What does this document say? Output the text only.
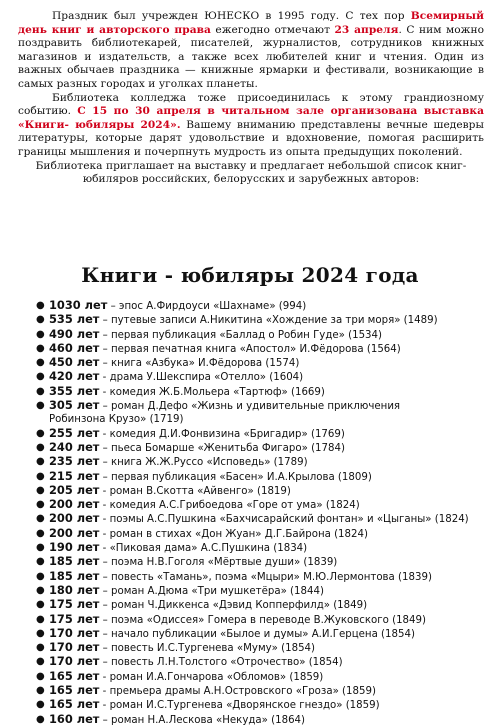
Праздник был учрежден ЮНЕСКО в 1995 году. С тех пор Всемирный день книг и авторского права ежегодно отмечают 23 апреля. С ним можно поздравить библиотекарей, писателей, журналистов, сотрудников книжных магазинов и издательств, а также всех любителей книг и чтения. Один из важных обычаев праздника — книжные ярмарки и фестивали, возникающие в самых разных городах и уголках планеты.

Библиотека колледжа тоже присоединилась к этому грандиозному событию. С 15 по 30 апреля в читальном зале организована выставка «Книги- юбиляры 2024». Вашему вниманию представлены вечные шедевры литературы, которые дарят удовольствие и вдохновение, помогая расширить границы мышления и почерпнуть мудрость из опыта предыдущих поколений.

Библиотека приглашает на выставку и предлагает небольшой список книг- юбиляров российских, белорусских и зарубежных авторов:

Книги - юбиляры 2024 года
● 1030 лет – эпос А.Фирдоуси «Шахнаме» (994)
● 535 лет – путевые записи А.Никитина «Хождение за три моря» (1489)
● 490 лет – первая публикация «Баллад о Робин Гуде» (1534)
● 460 лет – первая печатная книга «Апостол» И.Фёдорова (1564)
● 450 лет – книга «Азбука» И.Фёдорова (1574)
● 420 лет - драма У.Шекспира «Отелло» (1604)
● 355 лет - комедия Ж.Б.Мольера «Тартюф» (1669)
● 305 лет – роман Д.Дефо «Жизнь и удивительные приключения
Робинзона Крузо» (1719)
● 255 лет - комедия Д.И.Фонвизина «Бригадир» (1769)
● 240 лет – пьеса Бомарше «Женитьба Фигаро» (1784)
● 235 лет – книга Ж.Ж.Руссо «Исповедь» (1789)
● 215 лет – первая публикация «Басен» И.А.Крылова (1809)
● 205 лет - роман В.Скотта «Айвенго» (1819)
● 200 лет - комедия А.С.Грибоедова «Горе от ума» (1824)
● 200 лет - поэмы А.С.Пушкина «Бахчисарайский фонтан» и «Цыганы» (1824)
● 200 лет - роман в стихах «Дон Жуан» Д.Г.Байрона (1824)
● 190 лет - «Пиковая дама» А.С.Пушкина (1834)
● 185 лет – поэма Н.В.Гоголя «Мёртвые души» (1839)
● 185 лет – повесть «Тамань», поэма «Мцыри» М.Ю.Лермонтова (1839)
● 180 лет – роман А.Дюма «Три мушкетёра» (1844)
● 175 лет – роман Ч.Диккенса «Дэвид Копперфилд» (1849)
● 175 лет – поэма «Одиссея» Гомера в переводе В.Жуковского (1849)
● 170 лет – начало публикации «Былое и думы» А.И.Герцена (1854)
● 170 лет – повесть И.С.Тургенева «Муму» (1854)
● 170 лет – повесть Л.Н.Толстого «Отрочество» (1854)
● 165 лет - роман И.А.Гончарова «Обломов» (1859)
● 165 лет - премьера драмы А.Н.Островского «Гроза» (1859)
● 165 лет - роман И.С.Тургенева «Дворянское гнездо» (1859)
● 160 лет – роман Н.А.Лескова «Некуда» (1864)
